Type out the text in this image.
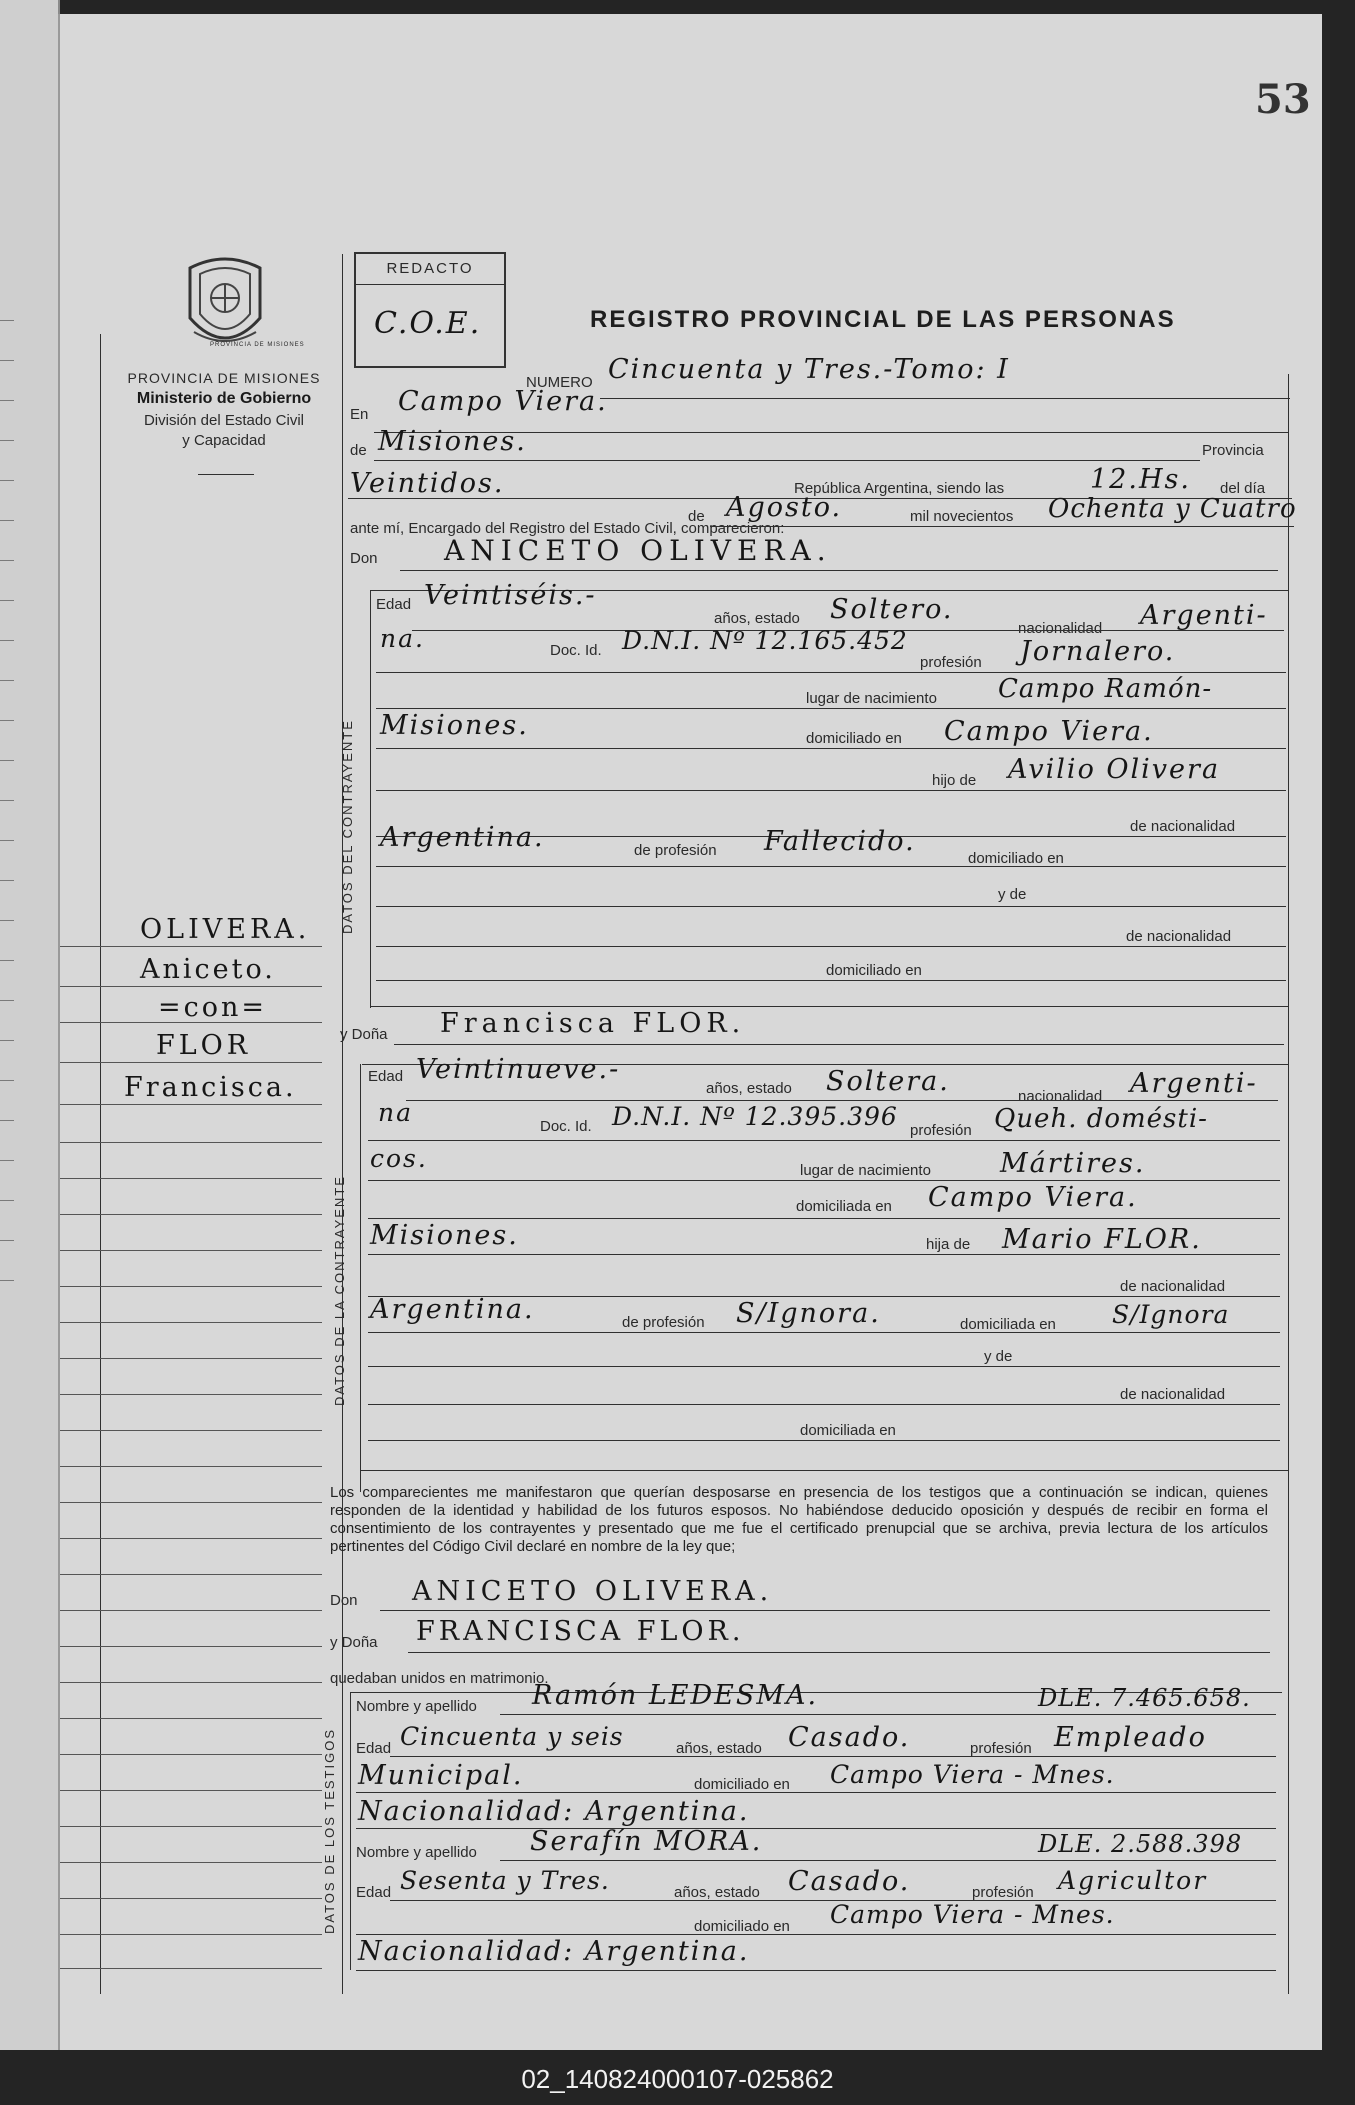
53
PROVINCIA DE MISIONES
PROVINCIA DE MISIONES
Ministerio de Gobierno
División del Estado Civil
y Capacidad
REDACTO
C.O.E.	REGISTRO PROVINCIAL DE LAS PERSONAS
NUMERO Cincuenta y Tres.-Tomo: I
En Campo Viera.
de Misiones.	Provincia
Veintidos.	República Argentina, siendo las	12.Hs. del día
ante mí, Encargado del Registro del Estado Civil, comparecieron:
de Agosto.	mil novecientos Ochenta y Cuatro
Don ANICETO OLIVERA.
DATOS DEL CONTRAYENTE
Edad Veintiséis.-
años, estado Soltero.
nacionalidad Argenti-
na.	Doc. Id. D.N.I. Nº 12.165.452
profesión Jornalero.
lugar de nacimiento Campo Ramón-
Misiones.	domiciliado en Campo Viera.
hijo de Avilio Olivera
de nacionalidad
Argentina.	de profesión Fallecido.
domiciliado en
y de
de nacionalidad
domiciliado en
y Doña Francisca FLOR.
DATOS DE LA CONTRAYENTE
Edad Veintinueve.-
años, estado Soltera.	nacionalidad Argenti-
na	Doc. Id. D.N.I. Nº 12.395.396 profesión Queh. domésti-
cos.	lugar de nacimiento	Mártires.
domiciliada en Campo Viera.
Misiones.	hija de Mario FLOR.
de nacionalidad
Argentina.	de profesión S/Ignora.	domiciliada en S/Ignora
y de
de nacionalidad
domiciliada en
Los comparecientes me manifestaron que querían desposarse en presencia de los testigos que a continuación se indican, quienes responden de la identidad y habilidad de los futuros esposos. No habiéndose deducido oposición y después de recibir en forma el consentimiento de los contrayentes y presentado que me fue el certificado prenupcial que se archiva, previa lectura de los artículos pertinentes del Código Civil declaré en nombre de la ley que;
Don ANICETO OLIVERA.
y Doña FRANCISCA FLOR.
quedaban unidos en matrimonio.
DATOS DE LOS TESTIGOS
Nombre y apellido Ramón LEDESMA.	DLE. 7.465.658.
Edad Cincuenta y seis	años, estado Casado.	profesión Empleado
Municipal.	domiciliado en Campo Viera - Mnes.
Nacionalidad: Argentina.
Nombre y apellido Serafín MORA.	DLE. 2.588.398
Edad Sesenta y Tres.	años, estado Casado.	profesión Agricultor
domiciliado en Campo Viera - Mnes.
Nacionalidad: Argentina.
OLIVERA.
Aniceto.
=con=
FLOR
Francisca.
02_140824000107-025862
